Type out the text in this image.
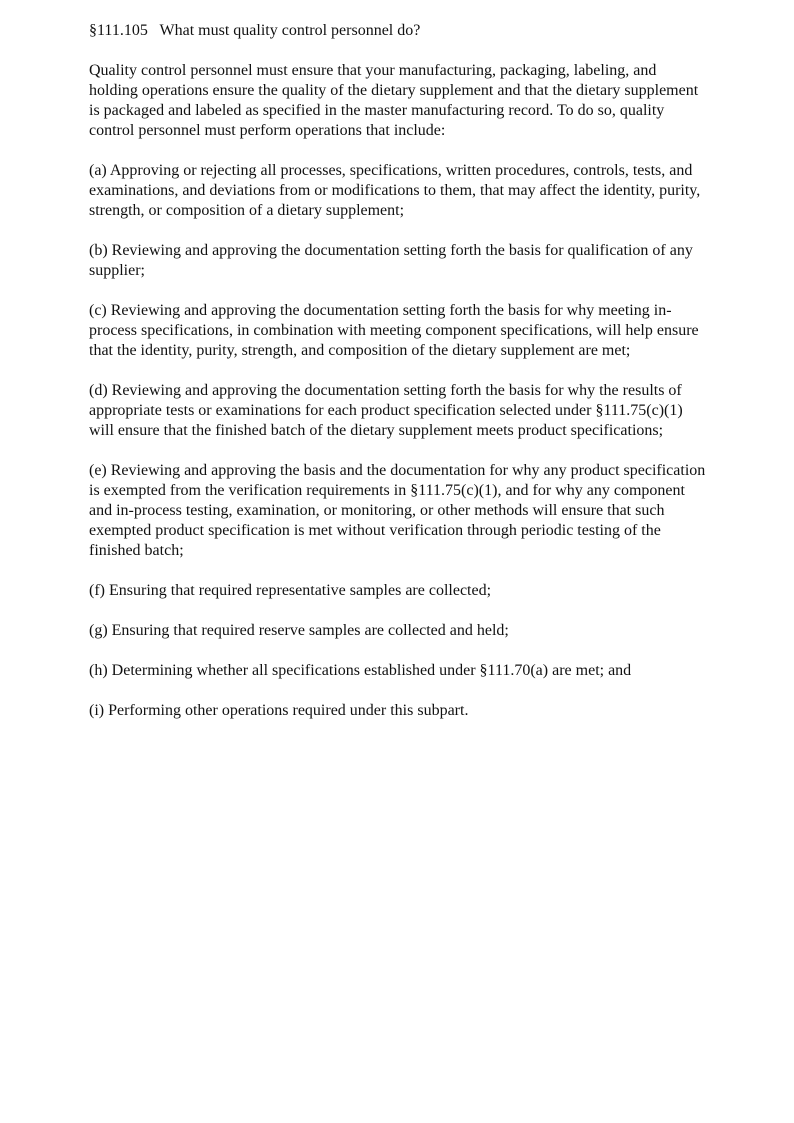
§111.105   What must quality control personnel do?

Quality control personnel must ensure that your manufacturing, packaging, labeling, and holding operations ensure the quality of the dietary supplement and that the dietary supplement is packaged and labeled as specified in the master manufacturing record. To do so, quality control personnel must perform operations that include:

(a) Approving or rejecting all processes, specifications, written procedures, controls, tests, and examinations, and deviations from or modifications to them, that may affect the identity, purity, strength, or composition of a dietary supplement;

(b) Reviewing and approving the documentation setting forth the basis for qualification of any supplier;

(c) Reviewing and approving the documentation setting forth the basis for why meeting in-process specifications, in combination with meeting component specifications, will help ensure that the identity, purity, strength, and composition of the dietary supplement are met;

(d) Reviewing and approving the documentation setting forth the basis for why the results of appropriate tests or examinations for each product specification selected under §111.75(c)(1) will ensure that the finished batch of the dietary supplement meets product specifications;

(e) Reviewing and approving the basis and the documentation for why any product specification is exempted from the verification requirements in §111.75(c)(1), and for why any component and in-process testing, examination, or monitoring, or other methods will ensure that such exempted product specification is met without verification through periodic testing of the finished batch;

(f) Ensuring that required representative samples are collected;

(g) Ensuring that required reserve samples are collected and held;

(h) Determining whether all specifications established under §111.70(a) are met; and

(i) Performing other operations required under this subpart.
